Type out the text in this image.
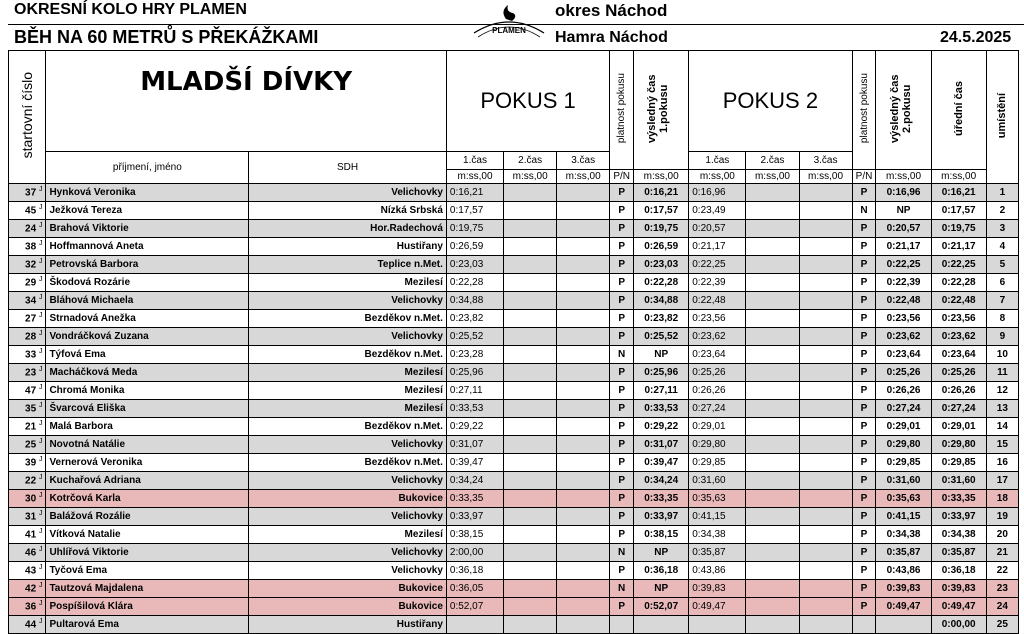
OKRESNÍ KOLO HRY PLAMEN
BĚH NA 60 METRŮ S PŘEKÁŽKAMI	PLAMEN
okres Náchod
Hamra Náchod	24.5.2025
startovní číslo	MLADŠÍ DÍVKY		POKUS 1			platnost pokusu	výsledný čas 1.pokusu	POKUS 2			platnost pokusu	výsledný čas 2.pokusu	úřední čas	umístění
	příjmení, jméno	SDH	1.čas	2.čas	3.čas			1.čas	2.čas	3.čas				
			m:ss,00	m:ss,00	m:ss,00	P/N	m:ss,00	m:ss,00	m:ss,00	m:ss,00	P/N	m:ss,00	m:ss,00	
37 $^J$	Hynková Veronika	Velichovky	0:16,21			P	0:16,21	0:16,96			P	0:16,96	0:16,21	1
45 $^J$	Ježková Tereza	Nízká Srbská	0:17,57			P	0:17,57	0:23,49			N	NP	0:17,57	2
24 $^J$	Brahová Viktorie	Hor.Radechová	0:19,75			P	0:19,75	0:20,57			P	0:20,57	0:19,75	3
38 $^J$	Hoffmannová Aneta	Hustiřany	0:26,59			P	0:26,59	0:21,17			P	0:21,17	0:21,17	4
32 $^J$	Petrovská Barbora	Teplice n.Met.	0:23,03			P	0:23,03	0:22,25			P	0:22,25	0:22,25	5
29 $^J$	Škodová Rozárie	Mezilesí	0:22,28			P	0:22,28	0:22,39			P	0:22,39	0:22,28	6
34 $^J$	Bláhová Michaela	Velichovky	0:34,88			P	0:34,88	0:22,48			P	0:22,48	0:22,48	7
27 $^J$	Strnadová Anežka	Bezděkov n.Met.	0:23,82			P	0:23,82	0:23,56			P	0:23,56	0:23,56	8
28 $^J$	Vondráčková Zuzana	Velichovky	0:25,52			P	0:25,52	0:23,62			P	0:23,62	0:23,62	9
33 $^J$	Týfová Ema	Bezděkov n.Met.	0:23,28			N	NP	0:23,64			P	0:23,64	0:23,64	10
23 $^J$	Macháčková Meda	Mezilesí	0:25,96			P	0:25,96	0:25,26			P	0:25,26	0:25,26	11
47 $^J$	Chromá Monika	Mezilesí	0:27,11			P	0:27,11	0:26,26			P	0:26,26	0:26,26	12
35 $^J$	Švarcová Eliška	Mezilesí	0:33,53			P	0:33,53	0:27,24			P	0:27,24	0:27,24	13
21 $^J$	Malá Barbora	Bezděkov n.Met.	0:29,22			P	0:29,22	0:29,01			P	0:29,01	0:29,01	14
25 $^J$	Novotná Natálie	Velichovky	0:31,07			P	0:31,07	0:29,80			P	0:29,80	0:29,80	15
39 $^J$	Vernerová Veronika	Bezděkov n.Met.	0:39,47			P	0:39,47	0:29,85			P	0:29,85	0:29,85	16
22 $^J$	Kuchařová Adriana	Velichovky	0:34,24			P	0:34,24	0:31,60			P	0:31,60	0:31,60	17
30 $^J$	Kotrčová Karla	Bukovice	0:33,35			P	0:33,35	0:35,63			P	0:35,63	0:33,35	18
31 $^J$	Balážová Rozálie	Velichovky	0:33,97			P	0:33,97	0:41,15			P	0:41,15	0:33,97	19
41 $^J$	Vítková Natalie	Mezilesí	0:38,15			P	0:38,15	0:34,38			P	0:34,38	0:34,38	20
46 $^J$	Uhlířová Viktorie	Velichovky	2:00,00			N	NP	0:35,87			P	0:35,87	0:35,87	21
43 $^J$	Tyčová Ema	Velichovky	0:36,18			P	0:36,18	0:43,86			P	0:43,86	0:36,18	22
42 $^J$	Tautzová Majdalena	Bukovice	0:36,05			N	NP	0:39,83			P	0:39,83	0:39,83	23
36 $^J$	Pospíšilová Klára	Bukovice	0:52,07			P	0:52,07	0:49,47			P	0:49,47	0:49,47	24
44 $^J$	Pultarová Ema	Hustiřany											0:00,00	25
